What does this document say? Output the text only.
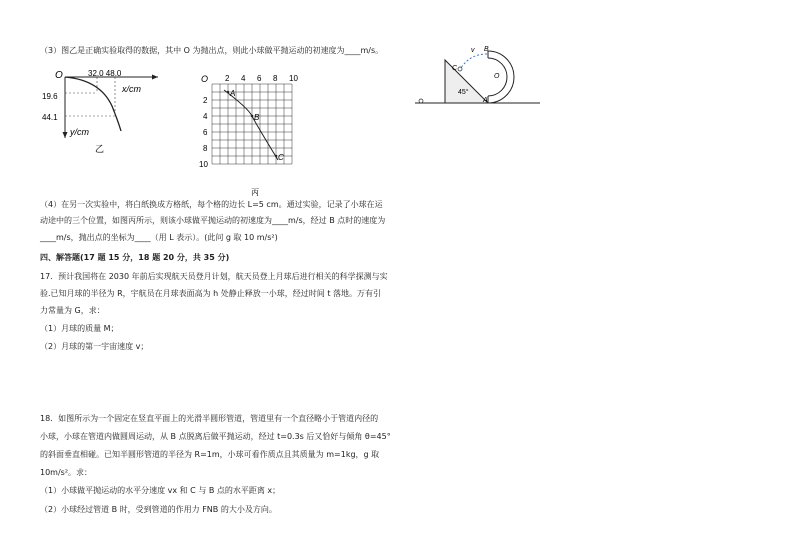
（3）图乙是正确实验取得的数据，其中 O 为抛出点，则此小球做平抛运动的初速度为____m/s。
O	32.0 48.0
x/cm
19.6
44.1
y/cm
乙
O 2 4 6 8 10
2
4
6
8
10
A
B
C
丙
v B
C
O
A
45°
（4）在另一次实验中，将白纸换成方格纸，每个格的边长 L=5 cm。通过实验，记录了小球在运
动途中的三个位置，如图丙所示，则该小球做平抛运动的初速度为____m/s，经过 B 点时的速度为
____m/s，抛出点的坐标为____（用 L 表示）。(此问 g 取 10 m/s²)
四、解答题(17 题 15 分，18 题 20 分，共 35 分)
17．预计我国将在 2030 年前后实现航天员登月计划，航天员登上月球后进行相关的科学探测与实
验.已知月球的半径为 R，宇航员在月球表面高为 h 处静止释放一小球，经过时间 t 落地。万有引
力常量为 G，求：
（1）月球的质量 M；
（2）月球的第一宇宙速度 v；
18．如图所示为一个固定在竖直平面上的光滑半圆形管道，管道里有一个直径略小于管道内径的
小球，小球在管道内做圆周运动，从 B 点脱离后做平抛运动，经过 t=0.3s 后又恰好与倾角 θ=45°
的斜面垂直相碰。已知半圆形管道的半径为 R=1m，小球可看作质点且其质量为 m=1kg，g 取
10m/s²。求：
（1）小球做平抛运动的水平分速度 vx 和 C 与 B 点的水平距离 x；
（2）小球经过管道 B 时，受到管道的作用力 FNB 的大小及方向。
